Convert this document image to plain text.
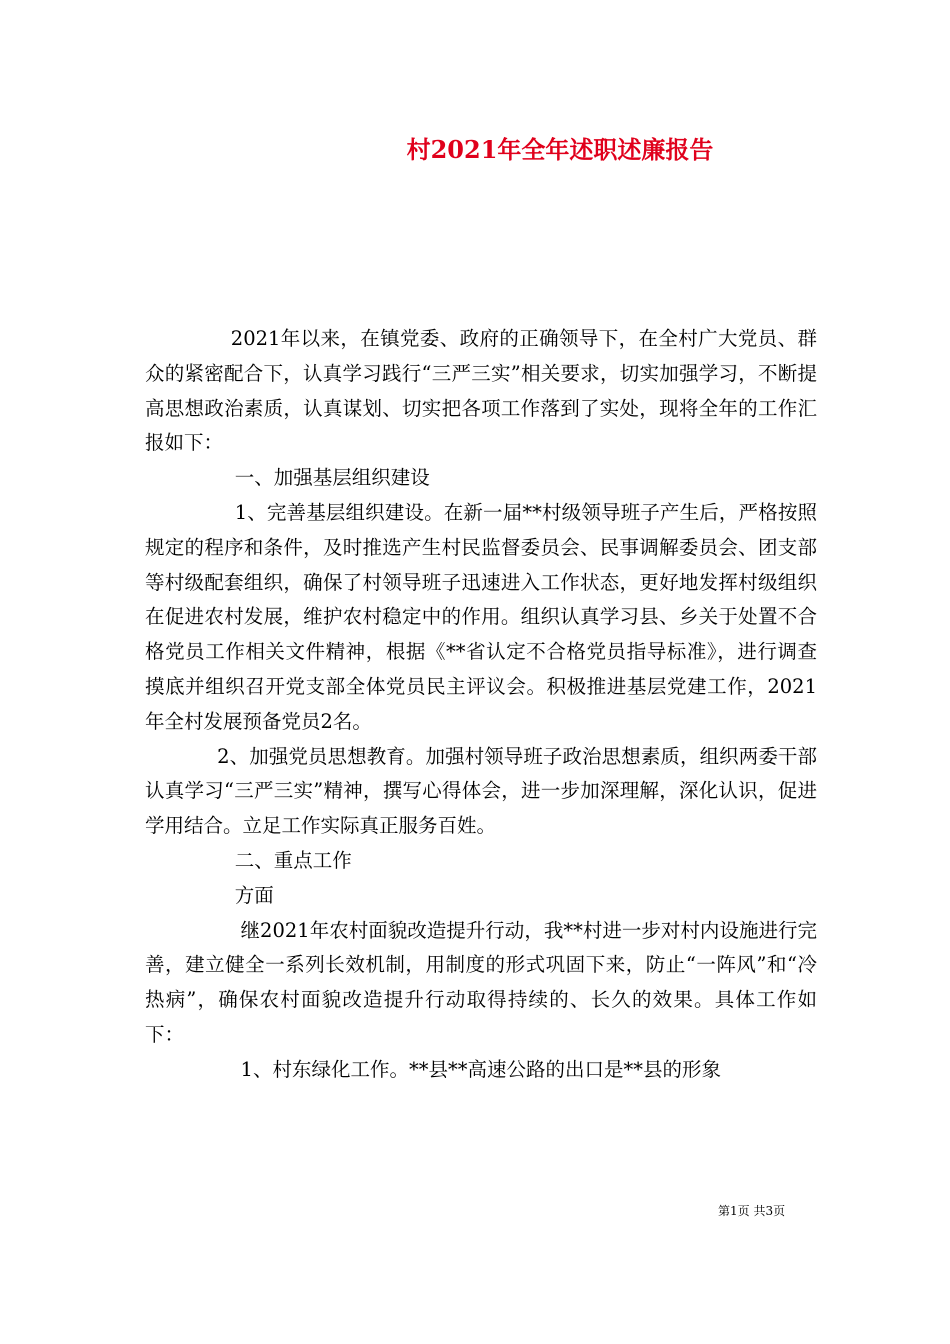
村2021年全年述职述廉报告

2021年以来，在镇党委、政府的正确领导下，在全村广大党员、群众的紧密配合下，认真学习践行“三严三实”相关要求，切实加强学习，不断提高思想政治素质，认真谋划、切实把各项工作落到了实处，现将全年的工作汇报如下：

一、加强基层组织建设

1、完善基层组织建设。在新一届**村级领导班子产生后，严格按照规定的程序和条件，及时推选产生村民监督委员会、民事调解委员会、团支部等村级配套组织，确保了村领导班子迅速进入工作状态，更好地发挥村级组织在促进农村发展，维护农村稳定中的作用。组织认真学习县、乡关于处置不合格党员工作相关文件精神，根据《**省认定不合格党员指导标准》，进行调查摸底并组织召开党支部全体党员民主评议会。积极推进基层党建工作，2021年全村发展预备党员2名。

2、加强党员思想教育。加强村领导班子政治思想素质，组织两委干部认真学习“三严三实”精神，撰写心得体会，进一步加深理解，深化认识，促进学用结合。立足工作实际真正服务百姓。

二、重点工作

方面

继2021年农村面貌改造提升行动，我**村进一步对村内设施进行完善，建立健全一系列长效机制，用制度的形式巩固下来，防止“一阵风”和“冷热病”，确保农村面貌改造提升行动取得持续的、长久的效果。具体工作如下：

1、村东绿化工作。**县**高速公路的出口是**县的形象

第1页 共3页
